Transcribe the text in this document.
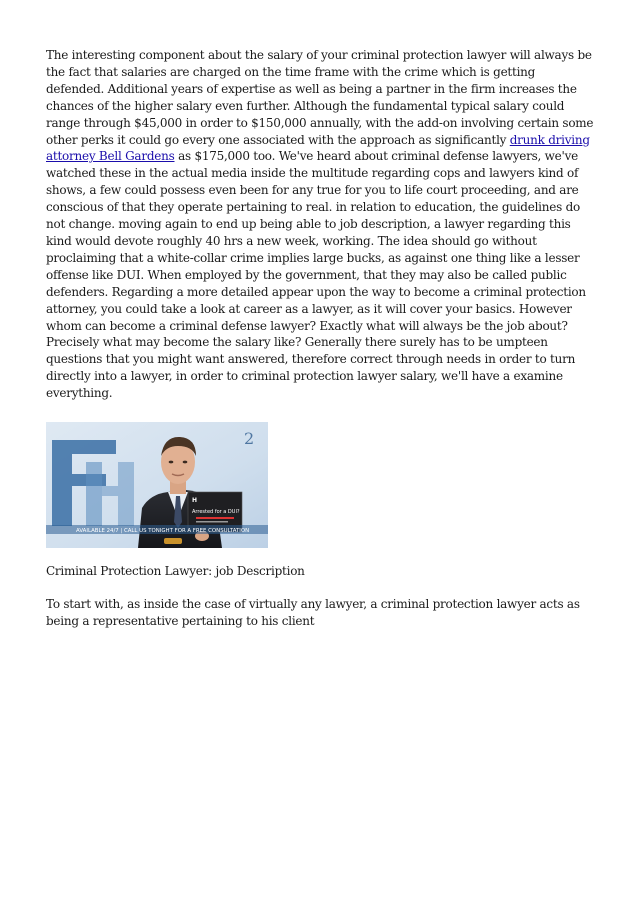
The interesting component about the salary of your criminal protection lawyer will always be the fact that salaries are charged on the time frame with the crime which is getting defended. Additional years of expertise as well as being a partner in the firm increases the chances of the higher salary even further. Although the fundamental typical salary could range through $45,000 in order to $150,000 annually, with the add-on involving certain some other perks it could go every one associated with the approach as significantly drunk driving attorney Bell Gardens as $175,000 too. We've heard about criminal defense lawyers, we've watched these in the actual media inside the multitude regarding cops and lawyers kind of shows, a few could possess even been for any true for you to life court proceeding, and are conscious of that they operate pertaining to real. in relation to education, the guidelines do not change. moving again to end up being able to job description, a lawyer regarding this kind would devote roughly 40 hrs a new week, working. The idea should go without proclaiming that a white-collar crime implies large bucks, as against one thing like a lesser offense like DUI. When employed by the government, that they may also be called public defenders. Regarding a more detailed appear upon the way to become a criminal protection attorney, you could take a look at career as a lawyer, as it will cover your basics. However whom can become a criminal defense lawyer? Exactly what will always be the job about? Precisely what may become the salary like? Generally there surely has to be umpteen questions that you might want answered, therefore correct through needs in order to turn directly into a lawyer, in order to criminal protection lawyer salary, we'll have a examine everything.

2
H
Arrested for a DUI?
AVAILABLE 24/7 | CALL US TONIGHT FOR A FREE CONSULTATION

Criminal Protection Lawyer: job Description

To start with, as inside the case of virtually any lawyer, a criminal protection lawyer acts as being a representative pertaining to his client
